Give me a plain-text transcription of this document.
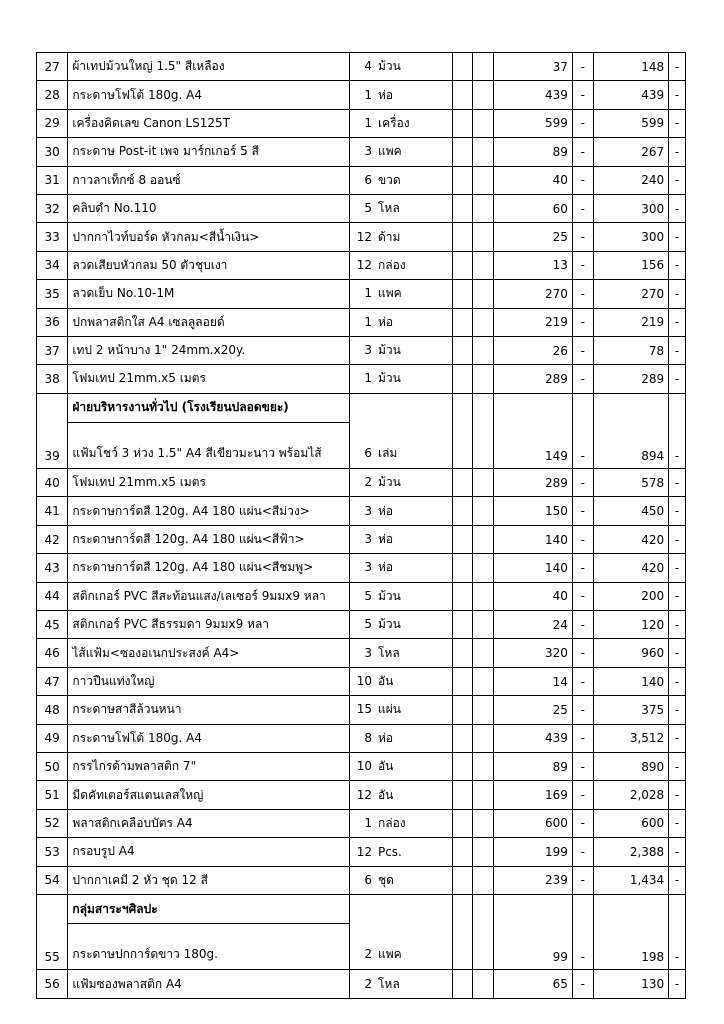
27	ผ้าเทปม้วนใหญ่ 1.5" สีเหลือง	4 ม้วน			37	-	148	-
28	กระดาษโฟโต้ 180g. A4	1 ห่อ			439	-	439	-
29	เครื่องคิดเลข Canon LS125T	1 เครื่อง			599	-	599	-
30	กระดาษ Post-it เพจ มาร์กเกอร์ 5 สี	3 แพค			89	-	267	-
31	กาวลาเท็กซ์ 8 ออนซ์	6 ขวด			40	-	240	-
32	คลิบดำ No.110	5 โหล			60	-	300	-
33	ปากกาไวท์บอร์ด หัวกลม<สีน้ำเงิน>	12 ด้าม			25	-	300	-
34	ลวดเสียบหัวกลม 50 ตัวชุบเงา	12 กล่อง			13	-	156	-
35	ลวดเย็บ No.10-1M	1 แพค			270	-	270	-
36	ปกพลาสติกใส A4 เซลลูลอยด์	1 ห่อ			219	-	219	-
37	เทป 2 หน้าบาง 1" 24mm.x20y.	3 ม้วน			26	-	78	-
38	โฟมเทป 21mm.x5 เมตร	1 ม้วน			289	-	289	-
	ฝ่ายบริหารงานทั่วไป (โรงเรียนปลอดขยะ)							
39	แฟ้มโชว์ 3 ห่วง 1.5" A4 สีเขียวมะนาว พร้อมไส้	6 เล่ม			149	-	894	-
40	โฟมเทป 21mm.x5 เมตร	2 ม้วน			289	-	578	-
41	กระดาษการ์ดสี 120g. A4 180 แผ่น<สีม่วง>	3 ห่อ			150	-	450	-
42	กระดาษการ์ดสี 120g. A4 180 แผ่น<สีฟ้า>	3 ห่อ			140	-	420	-
43	กระดาษการ์ดสี 120g. A4 180 แผ่น<สีชมพู>	3 ห่อ			140	-	420	-
44	สติกเกอร์ PVC สีสะท้อนแสง/เลเซอร์ 9มมx9 หลา	5 ม้วน			40	-	200	-
45	สติกเกอร์ PVC สีธรรมดา 9มมx9 หลา	5 ม้วน			24	-	120	-
46	ไส้แฟ้ม<ซองอเนกประสงค์ A4>	3 โหล			320	-	960	-
47	กาวปืนแท่งใหญ่	10 อัน			14	-	140	-
48	กระดาษสาสีล้วนหนา	15 แผ่น			25	-	375	-
49	กระดาษโฟโต้ 180g. A4	8 ห่อ			439	-	3,512	-
50	กรรไกรด้ามพลาสติก 7"	10 อัน			89	-	890	-
51	มีดคัทเตอร์สแตนเลสใหญ่	12 อัน			169	-	2,028	-
52	พลาสติกเคลือบบัตร A4	1 กล่อง			600	-	600	-
53	กรอบรูป A4	12 Pcs.			199	-	2,388	-
54	ปากกาเคมี 2 หัว ชุด 12 สี	6 ชุด			239	-	1,434	-
	กลุ่มสาระฯศิลปะ							
55	กระดาษปกการ์ดขาว 180g.	2 แพค			99	-	198	-
56	แฟ้มซองพลาสติก A4	2 โหล			65	-	130	-
